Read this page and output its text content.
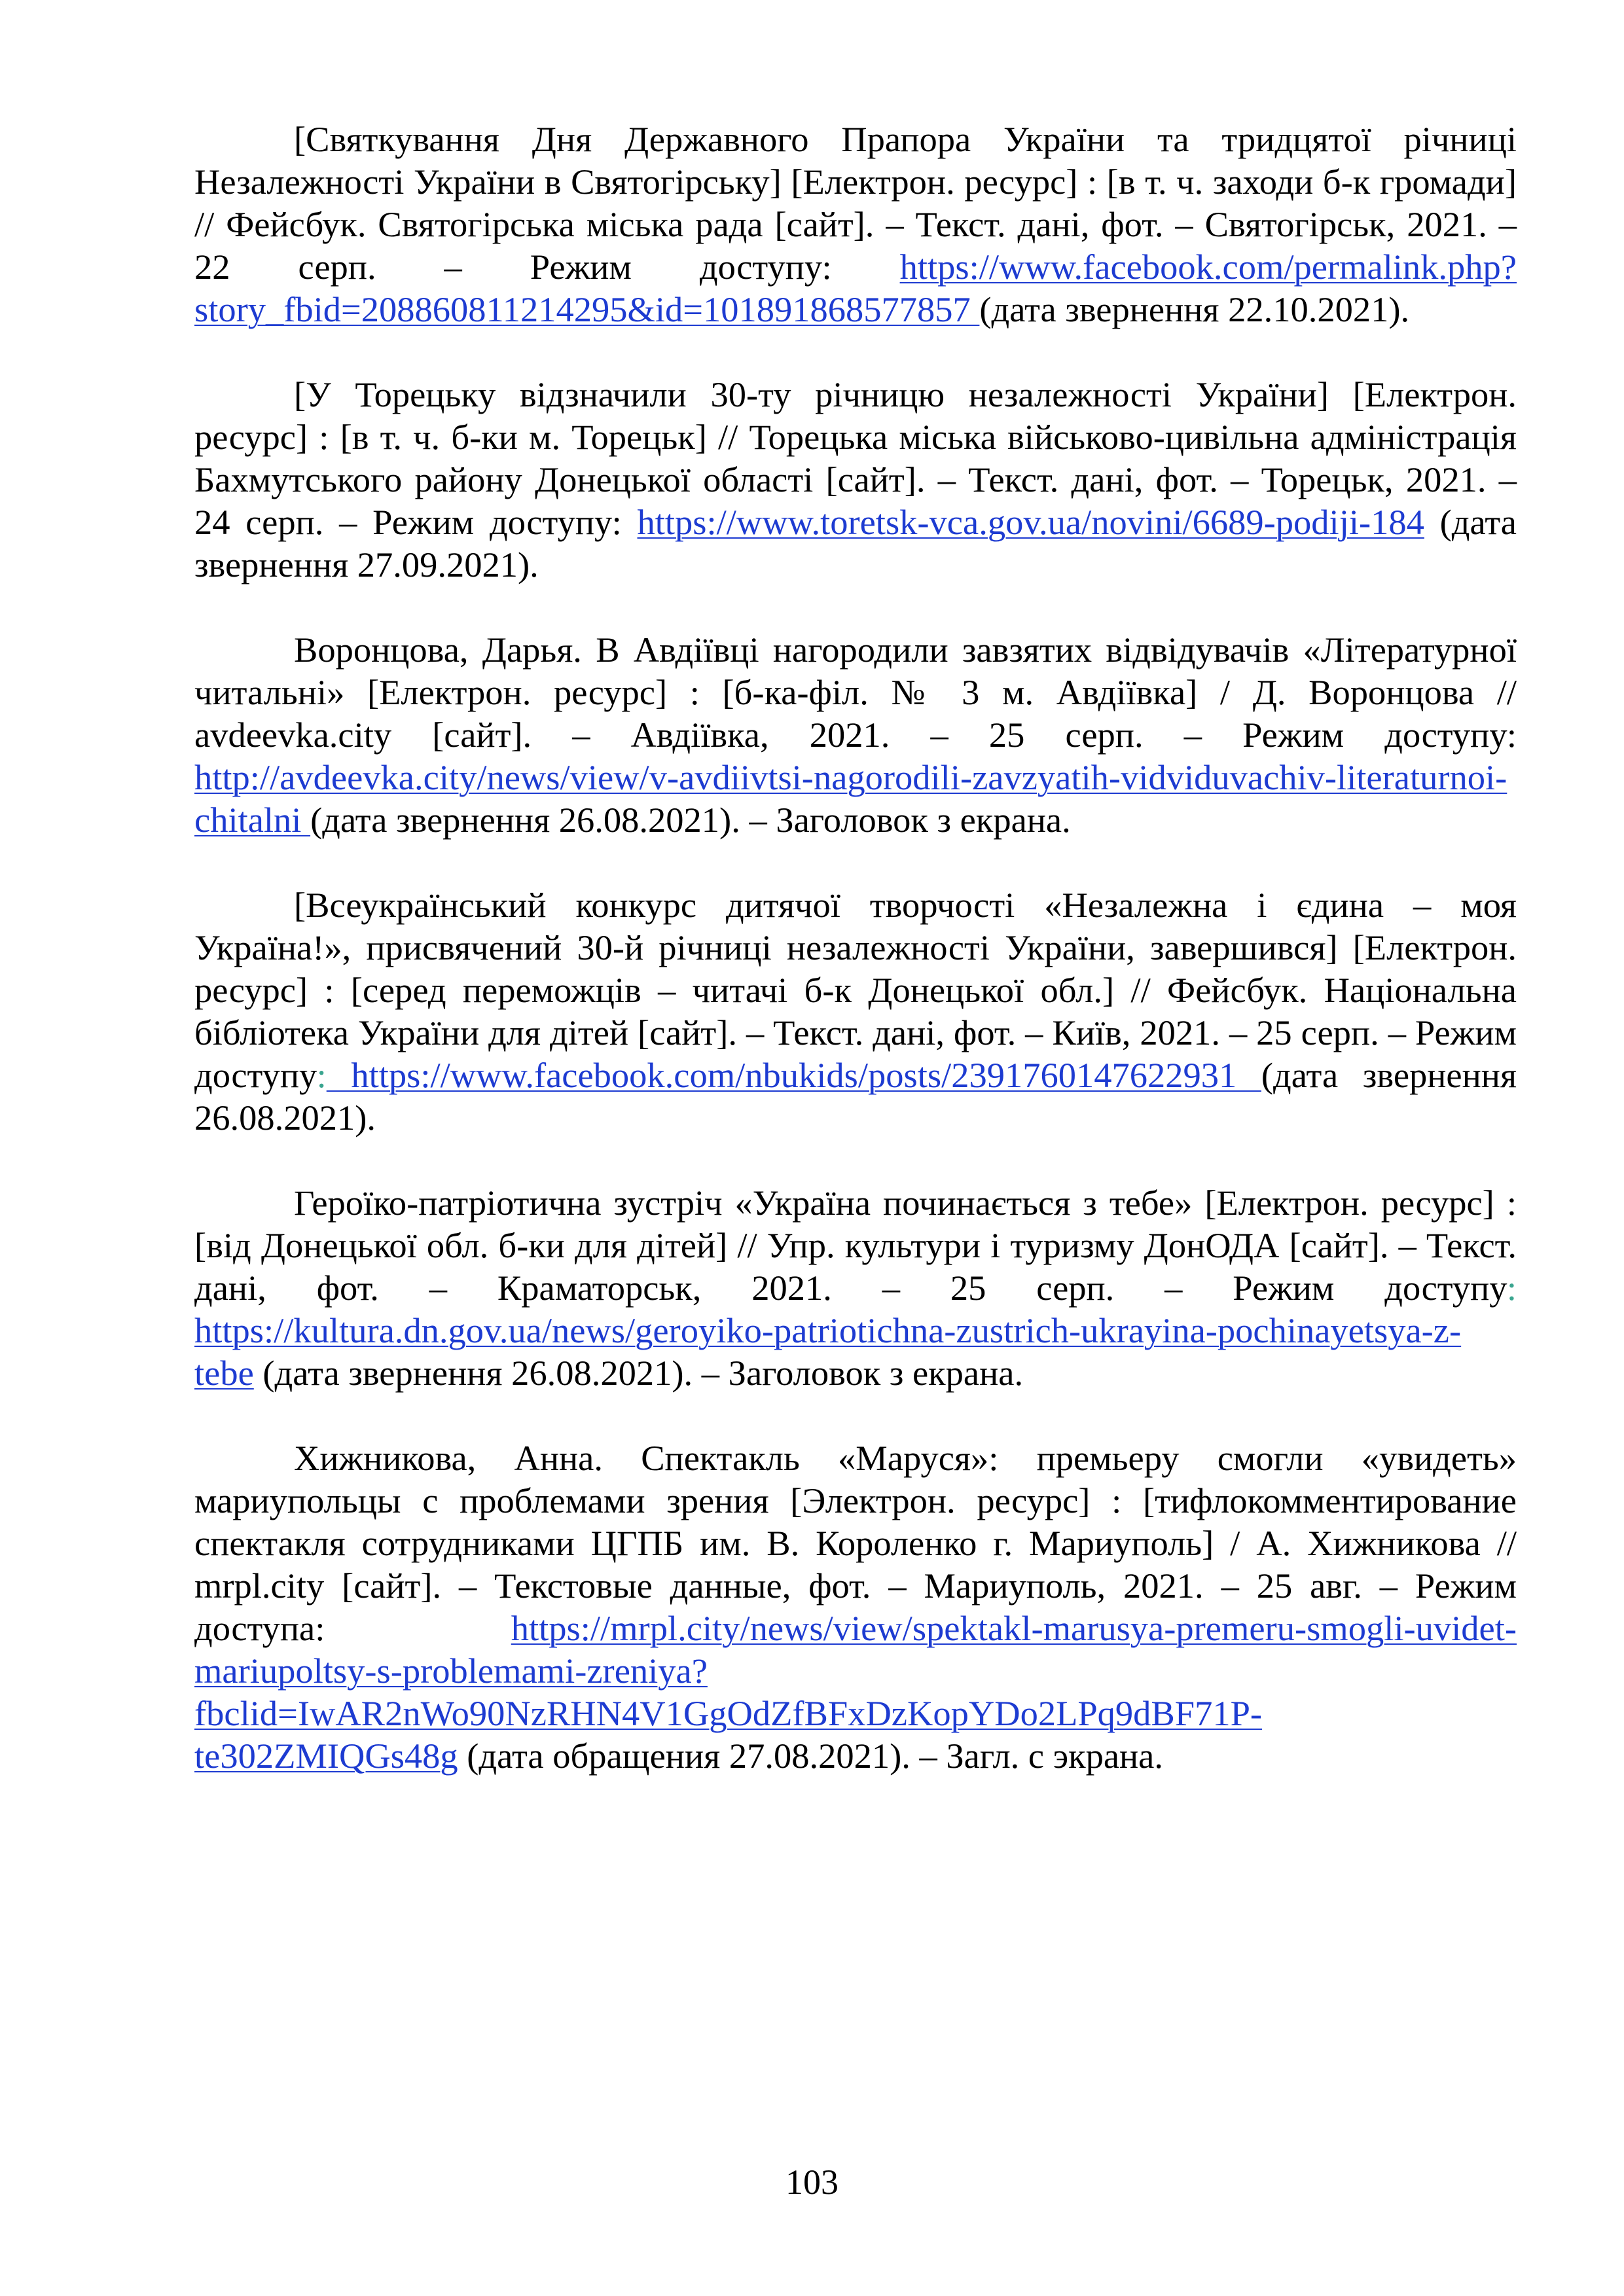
[Святкування Дня Державного Прапора України та тридцятої річниці Незалежності України в Святогірську] [Електрон. ресурс] : [в т. ч. заходи б-к громади] // Фейсбук. Святогірська міська рада [сайт]. – Текст. дані, фот. – Святогірськ, 2021. – 22 серп. – Режим доступу: https://www.facebook.com/permalink.php?story_fbid=208860811214295&id=101891868577857 (дата звернення 22.10.2021).

[У Торецьку відзначили 30-ту річницю незалежності України] [Електрон. ресурс] : [в т. ч. б-ки м. Торецьк] // Торецька міська військово-цивільна адміністрація Бахмутського району Донецької області [сайт]. – Текст. дані, фот. – Торецьк, 2021. – 24 серп. – Режим доступу: https://www.toretsk-vca.gov.ua/novini/6689-podiji-184 (дата звернення 27.09.2021).

Воронцова, Дарья. В Авдіївці нагородили завзятих відвідувачів «Літературної читальні» [Електрон. ресурс] : [б-ка-філ. № 3 м. Авдіївка] / Д. Воронцова // avdeevka.city [сайт]. – Авдіївка, 2021. – 25 серп. – Режим доступу: http://avdeevka.city/news/view/v-avdiivtsi-nagorodili-zavzyatih-vidviduvachiv-literaturnoi-chitalni (дата звернення 26.08.2021). – Заголовок з екрана.

[Всеукраїнський конкурс дитячої творчості «Незалежна і єдина – моя Україна!», присвячений 30-й річниці незалежності України, завершився] [Електрон. ресурс] : [серед переможців – читачі б-к Донецької обл.] // Фейсбук. Національна бібліотека України для дітей [сайт]. – Текст. дані, фот. – Київ, 2021. – 25 серп. – Режим доступу: https://www.facebook.com/nbukids/posts/2391760147622931 (дата звернення 26.08.2021).

Героїко-патріотична зустріч «Україна починається з тебе» [Електрон. ресурс] : [від Донецької обл. б-ки для дітей] // Упр. культури і туризму ДонОДА [сайт]. – Текст. дані, фот. – Краматорськ, 2021. – 25 серп. – Режим доступу: https://kultura.dn.gov.ua/news/geroyiko-patriotichna-zustrich-ukrayina-pochinayetsya-z-tebe (дата звернення 26.08.2021). – Заголовок з екрана.

Хижникова, Анна. Спектакль «Маруся»: премьеру смогли «увидеть» мариупольцы с проблемами зрения [Электрон. ресурс] : [тифлокомментирование спектакля сотрудниками ЦГПБ им. В. Короленко г. Мариуполь] / А. Хижникова // mrpl.city [сайт]. – Текстовые данные, фот. – Мариуполь, 2021. – 25 авг. – Режим доступа: https://mrpl.city/news/view/spektakl-marusya-premeru-smogli-uvidet-mariupoltsy-s-problemami-zreniya?fbclid=IwAR2nWo90NzRHN4V1GgOdZfBFxDzKopYDo2LPq9dBF71P-te302ZMIQGs48g (дата обращения 27.08.2021). – Загл. с экрана.

103
